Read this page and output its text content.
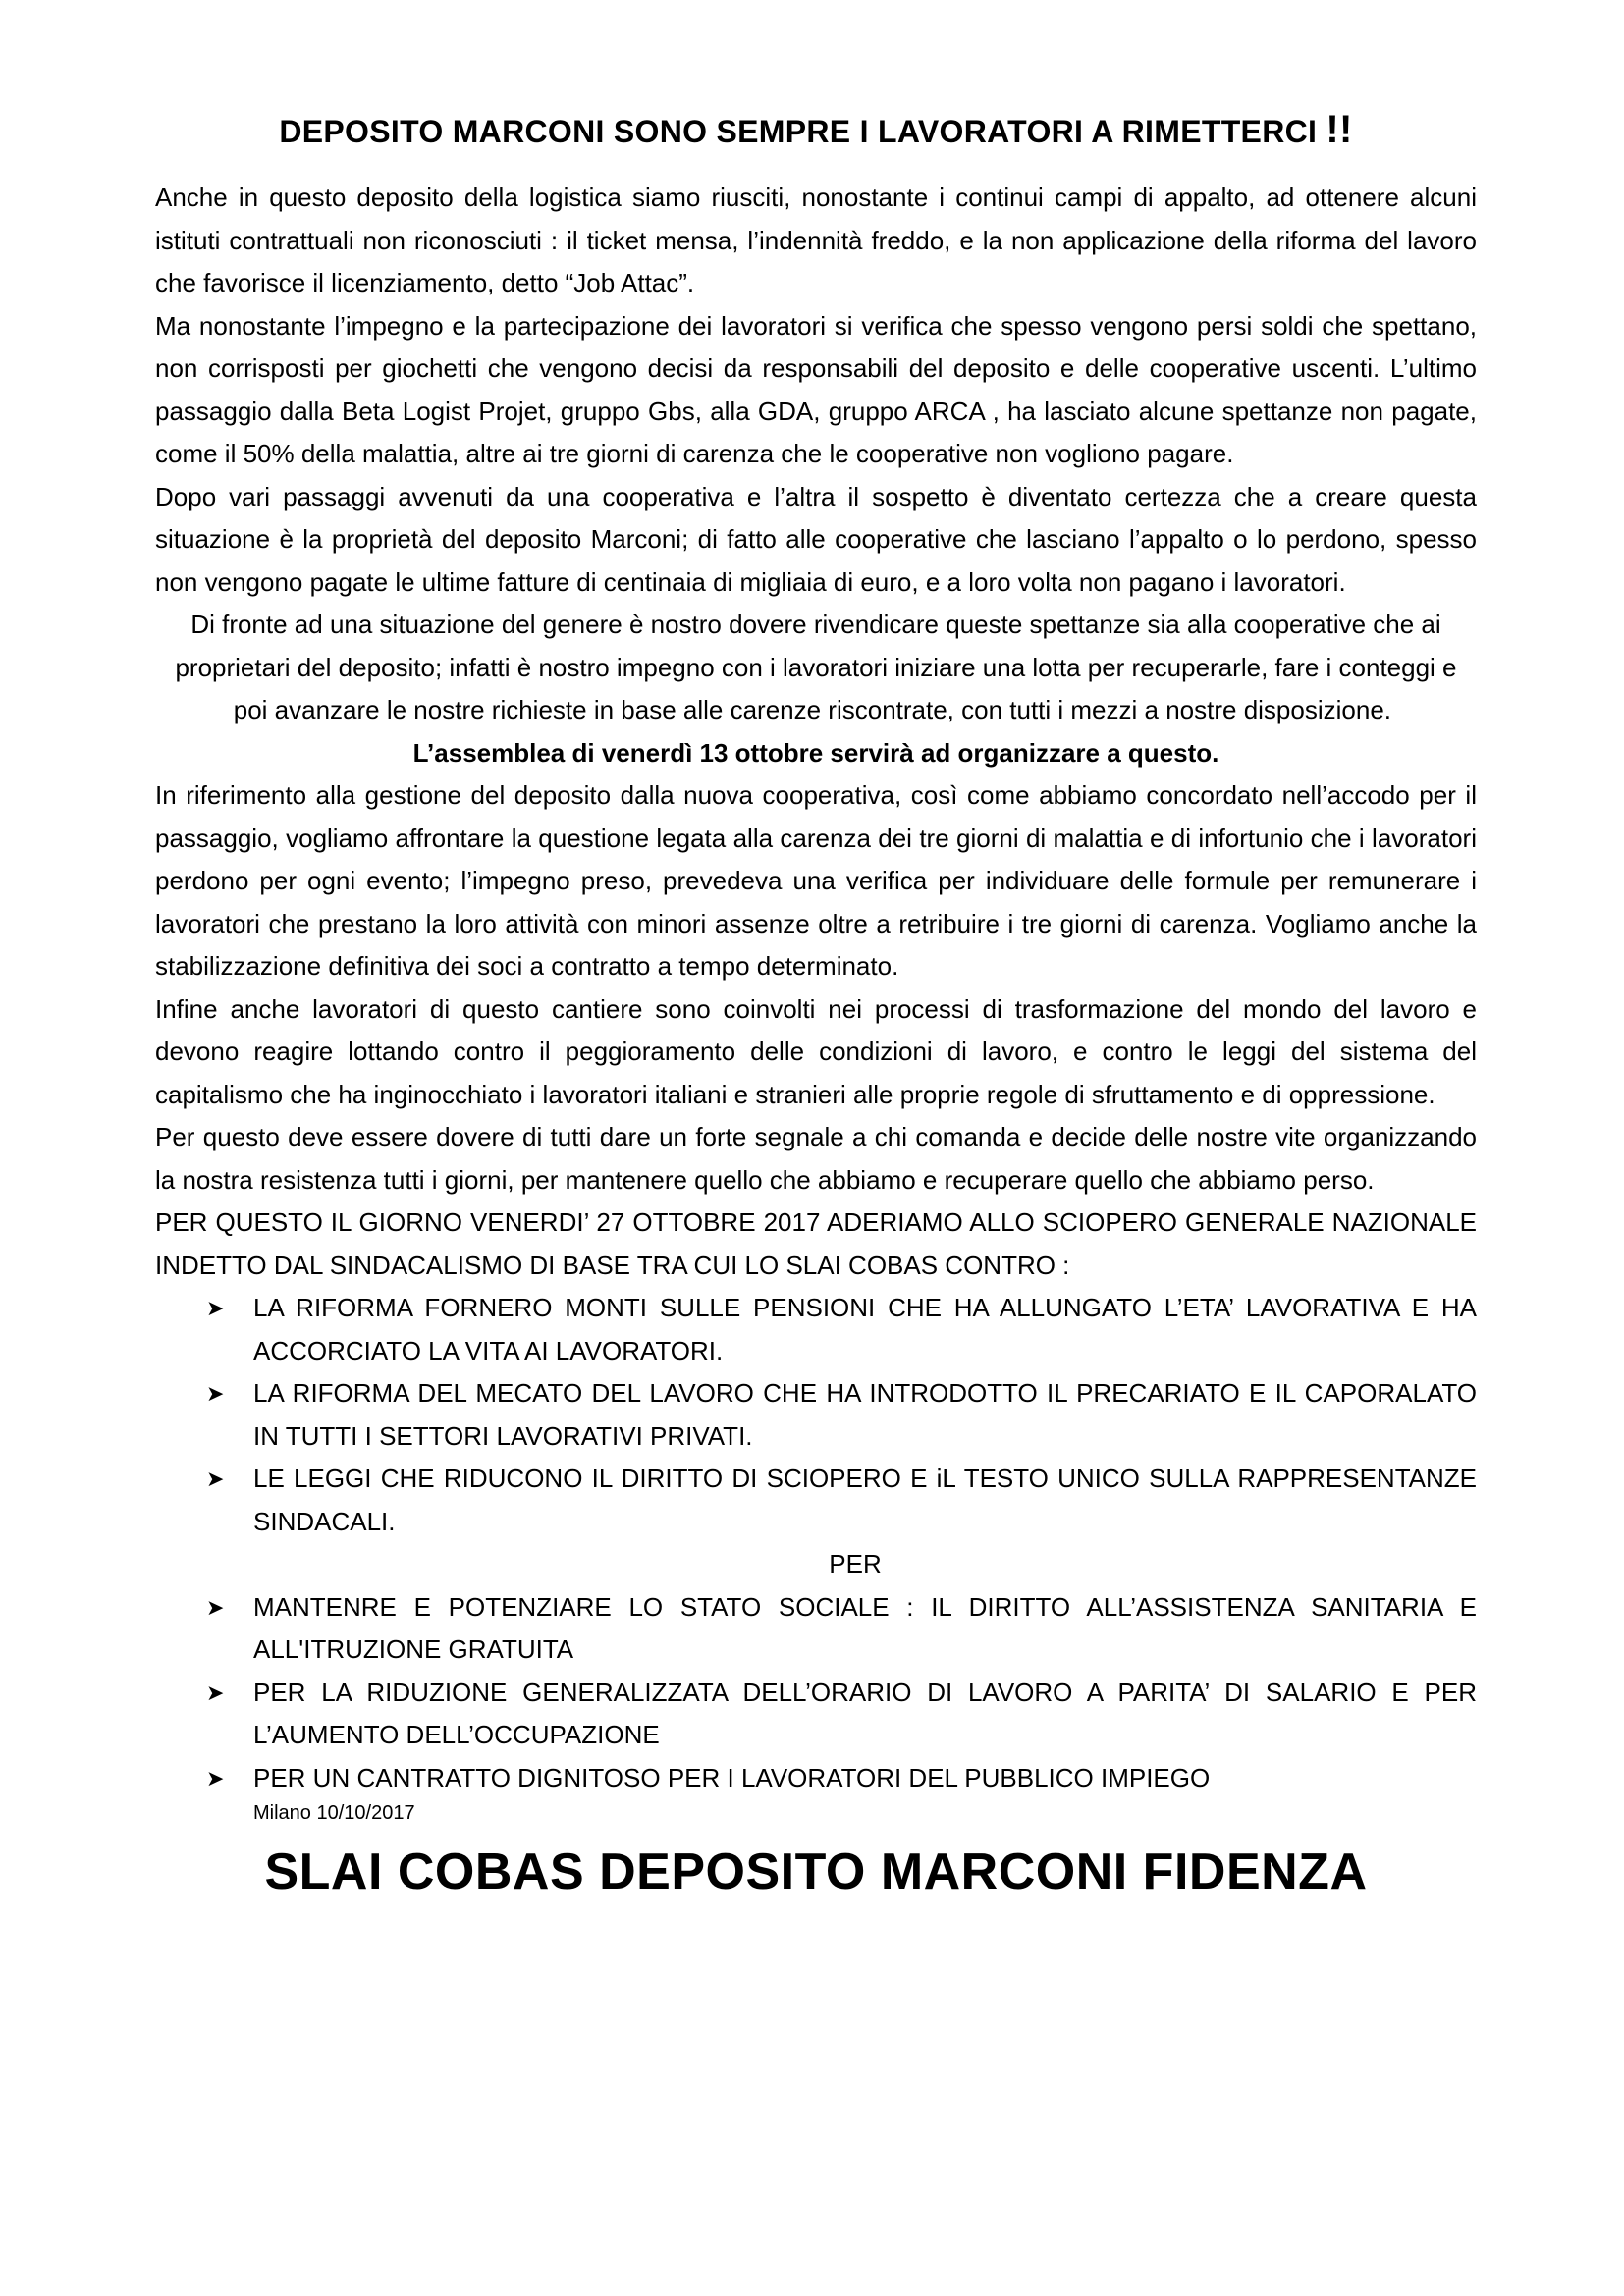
DEPOSITO MARCONI SONO SEMPRE I LAVORATORI A RIMETTERCI !!

Anche in questo deposito della logistica siamo riusciti, nonostante i continui campi di appalto, ad ottenere alcuni istituti contrattuali non riconosciuti : il ticket mensa, l’indennità freddo, e la non applicazione della riforma del lavoro che favorisce il licenziamento, detto “Job Attac”.

Ma nonostante l’impegno e la partecipazione dei lavoratori si verifica che spesso vengono persi soldi che spettano, non corrisposti per giochetti che vengono decisi da responsabili del deposito e delle cooperative uscenti. L’ultimo passaggio dalla Beta Logist Projet, gruppo Gbs, alla GDA, gruppo ARCA , ha lasciato alcune spettanze non pagate, come il 50% della malattia, altre ai tre giorni di carenza che le cooperative non vogliono pagare.

Dopo vari passaggi avvenuti da una cooperativa e l’altra il sospetto è diventato certezza che a creare questa situazione è la proprietà del deposito Marconi; di fatto alle cooperative che lasciano l’appalto o lo perdono, spesso non vengono pagate le ultime fatture di centinaia di migliaia di euro, e a loro volta non pagano i lavoratori.

Di fronte ad una situazione del genere è nostro dovere rivendicare queste spettanze sia alla cooperative che ai proprietari del deposito; infatti è nostro impegno con i lavoratori iniziare una lotta per recuperarle, fare i conteggi e poi avanzare le nostre richieste in base alle carenze riscontrate, con tutti i mezzi a nostre disposizione.  L’assemblea di venerdì 13 ottobre servirà ad organizzare a questo.

In riferimento alla gestione del deposito dalla nuova cooperativa, così come abbiamo concordato nell’accodo per il passaggio, vogliamo affrontare la questione legata alla carenza dei tre giorni di malattia e di infortunio che i lavoratori perdono per ogni evento; l’impegno preso, prevedeva una verifica per individuare delle formule per remunerare i lavoratori che prestano la loro attività con minori assenze oltre a retribuire i tre giorni di carenza. Vogliamo anche la stabilizzazione definitiva dei soci a contratto a tempo determinato.

Infine anche lavoratori di questo cantiere sono coinvolti nei processi di trasformazione del mondo del lavoro e devono reagire lottando contro il peggioramento delle condizioni di lavoro, e contro le leggi del sistema del capitalismo che ha inginocchiato i lavoratori italiani e stranieri alle proprie regole di sfruttamento e di oppressione.

Per questo deve essere dovere di tutti dare un forte segnale a chi comanda e decide delle nostre vite organizzando la nostra resistenza tutti i giorni, per mantenere quello che abbiamo e recuperare quello che abbiamo perso.

PER QUESTO IL GIORNO VENERDI’ 27 OTTOBRE 2017 ADERIAMO ALLO SCIOPERO GENERALE NAZIONALE INDETTO DAL SINDACALISMO DI BASE TRA CUI LO SLAI COBAS CONTRO :

➤	LA RIFORMA FORNERO MONTI SULLE PENSIONI CHE HA ALLUNGATO L’ETA’ LAVORATIVA E HA ACCORCIATO LA VITA AI LAVORATORI.
➤	LA RIFORMA DEL MECATO DEL LAVORO CHE HA INTRODOTTO IL PRECARIATO E IL CAPORALATO IN TUTTI I SETTORI LAVORATIVI PRIVATI.
➤	LE LEGGI CHE RIDUCONO IL DIRITTO DI SCIOPERO E iL TESTO UNICO SULLA RAPPRESENTANZE SINDACALI.

PER

➤	MANTENRE E POTENZIARE LO STATO SOCIALE : IL DIRITTO ALL’ASSISTENZA SANITARIA E ALL'ITRUZIONE GRATUITA
➤	PER LA RIDUZIONE GENERALIZZATA DELL’ORARIO DI LAVORO A PARITA’ DI SALARIO E PER L’AUMENTO DELL’OCCUPAZIONE
➤	PER UN CANTRATTO DIGNITOSO PER I LAVORATORI DEL PUBBLICO IMPIEGO

Milano 10/10/2017

SLAI COBAS DEPOSITO MARCONI FIDENZA
